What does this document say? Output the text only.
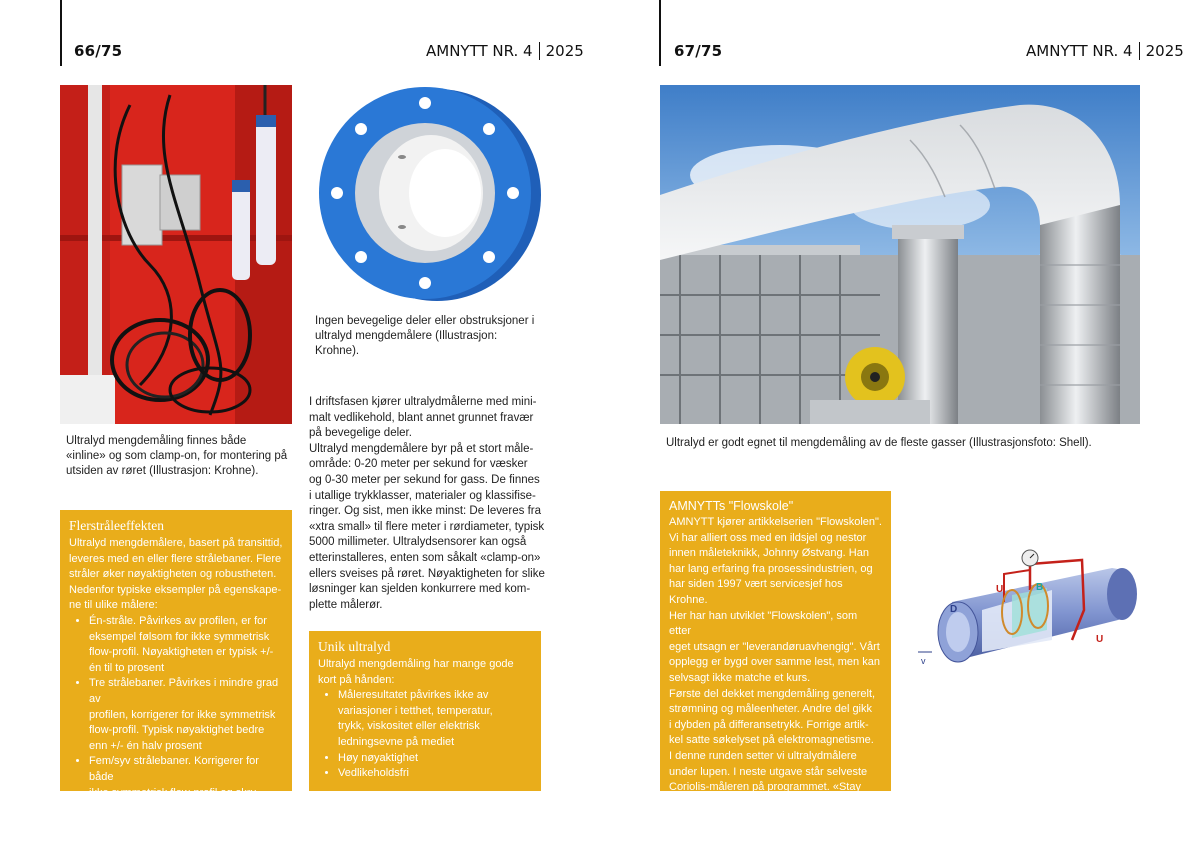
66/75	AMNYTT NR. 4 2025	67/75	AMNYTT NR. 4 2025
Ultralyd mengdemåling finnes både «inline» og som clamp-on, for montering på utsiden av røret (Illustrasjon: Krohne).
Ingen bevegelige deler eller obstruksjoner i ultralyd mengdemålere (Illustrasjon: Krohne).
I driftsfasen kjører ultralydmålerne med mini-
malt vedlikehold, blant annet grunnet fravær
på bevegelige deler.
Ultralyd mengdemålere byr på et stort måle-
område: 0-20 meter per sekund for væsker
og 0-30 meter per sekund for gass. De finnes
i utallige trykklasser, materialer og klassifise-
ringer. Og sist, men ikke minst: De leveres fra
«xtra small» til flere meter i rørdiameter, typisk
5000 millimeter. Ultralydsensorer kan også
etterinstalleres, enten som såkalt «clamp-on»
ellers sveises på røret. Nøyaktigheten for slike
løsninger kan sjelden konkurrere med kom-
plette målerør.
Flerstråleeffekten

Ultralyd mengdemålere, basert på transittid,
leveres med en eller flere strålebaner. Flere
stråler øker nøyaktigheten og robustheten.
Nedenfor typiske eksempler på egenskape-
ne til ulike målere:

• Én-stråle. Påvirkes av profilen, er for
eksempel følsom for ikke symmetrisk
flow-profil. Nøyaktigheten er typisk +/-
én til to prosent
• Tre strålebaner. Påvirkes i mindre grad av
profilen, korrigerer for ikke symmetrisk
flow-profil. Typisk nøyaktighet bedre
enn +/- én halv prosent
• Fem/syv strålebaner. Korrigerer for både
ikke symmetrisk flow-profil og skru.
Nøyaktighet bedre enn +/- 0,15 prosent.
Unik ultralyd

Ultralyd mengdemåling har mange gode
kort på hånden:

• Måleresultatet påvirkes ikke av
variasjoner i tetthet, temperatur,
trykk, viskositet eller elektrisk
ledningsevne på mediet
• Høy nøyaktighet
• Vedlikeholdsfri
Ultralyd er godt egnet til mengdemåling av de fleste gasser (Illustrasjonsfoto: Shell).
AMNYTTs "Flowskole"

AMNYTT kjører artikkelserien "Flowskolen".
Vi har alliert oss med en ildsjel og nestor
innen måleteknikk, Johnny Østvang. Han
har lang erfaring fra prosessindustrien, og
har siden 1997 vært servicesjef hos Krohne.
Her har han utviklet "Flowskolen", som etter
eget utsagn er "leverandøruavhengig". Vårt
opplegg er bygd over samme lest, men kan
selvsagt ikke matche et kurs.
Første del dekket mengdemåling generelt,
strømning og måleenheter. Andre del gikk
i dybden på differansetrykk. Forrige artik-
kel satte søkelyset på elektromagnetisme.
I denne runden setter vi ultralydmålere
under lupen. I neste utgave står selveste
Coriolis-måleren på programmet. «Stay
tuned» for mer måleteknisk snadder.

U	B
U
D
v
